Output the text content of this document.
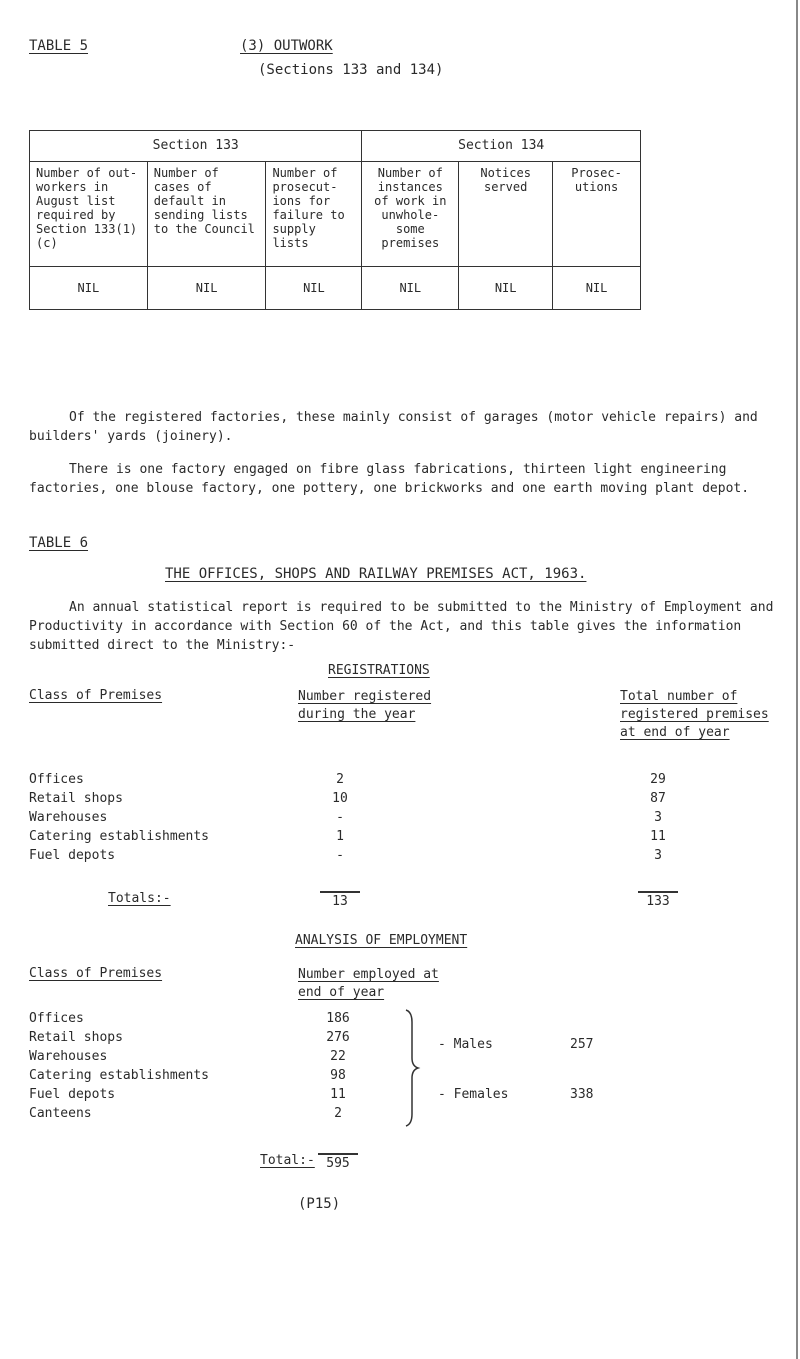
TABLE 5	(3) OUTWORK
(Sections 133 and 134)
Section 133			Section 134		
Number of out-workers in August list required by Section 133(1)(c)	Number of cases of default in sending lists to the Council	Number of prosecut-ions for failure to supply lists	Number of instances of work in unwhole-some premises	Notices served	Prosec-utions
NIL	NIL	NIL	NIL	NIL	NIL
Of the registered factories, these mainly consist of garages (motor vehicle repairs) and builders' yards (joinery).
There is one factory engaged on fibre glass fabrications, thirteen light engineering factories, one blouse factory, one pottery, one brickworks and one earth moving plant depot.
TABLE 6
THE OFFICES, SHOPS AND RAILWAY PREMISES ACT, 1963.
An annual statistical report is required to be submitted to the Ministry of Employment and Productivity in accordance with Section 60 of the Act, and this table gives the information submitted direct to the Ministry:-
REGISTRATIONS
Class of Premises	Number registered during the year
Total number of registered premises at end of year
Offices	2	29
Retail shops	10	87
Warehouses	-	3
Catering establishments	1	11
Fuel depots	-	3
Totals:-	13	133
ANALYSIS OF EMPLOYMENT
Class of Premises	Number employed at end of year
Offices	186
Retail shops	276
Warehouses	22
Catering establishments	98
Fuel depots	11
Canteens	2
- Males	257
- Females	338
Total:- 595
(P15)
